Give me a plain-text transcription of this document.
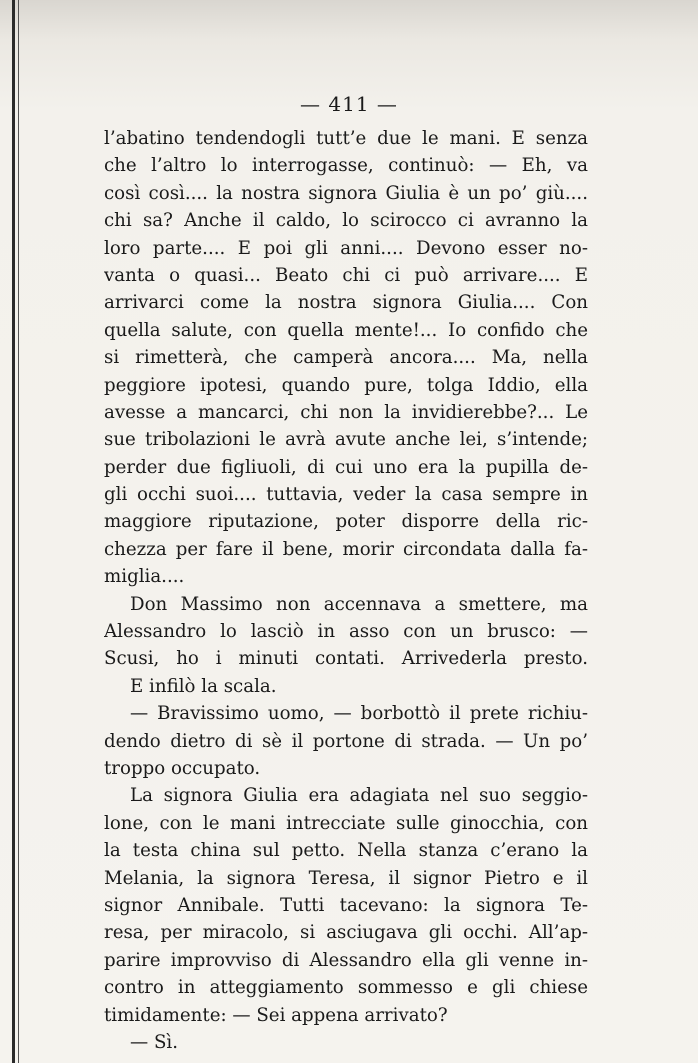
— 411 —
l’abatino tendendogli tutt’e due le mani. E senza
che l’altro lo interrogasse, continuò: — Eh, va
così così.... la nostra signora Giulia è un po’ giù....
chi sa? Anche il caldo, lo scirocco ci avranno la
loro parte.... E poi gli anni.... Devono esser no-
vanta o quasi... Beato chi ci può arrivare.... E
arrivarci come la nostra signora Giulia.... Con
quella salute, con quella mente!... Io confido che
si rimetterà, che camperà ancora.... Ma, nella
peggiore ipotesi, quando pure, tolga Iddio, ella
avesse a mancarci, chi non la invidierebbe?... Le
sue tribolazioni le avrà avute anche lei, s’intende;
perder due figliuoli, di cui uno era la pupilla de-
gli occhi suoi.... tuttavia, veder la casa sempre in
maggiore riputazione, poter disporre della ric-
chezza per fare il bene, morir circondata dalla fa-
miglia....
Don Massimo non accennava a smettere, ma
Alessandro lo lasciò in asso con un brusco: —
Scusi, ho i minuti contati. Arrivederla presto.
E infilò la scala.
— Bravissimo uomo, — borbottò il prete richiu-
dendo dietro di sè il portone di strada. — Un po’
troppo occupato.
La signora Giulia era adagiata nel suo seggio-
lone, con le mani intrecciate sulle ginocchia, con
la testa china sul petto. Nella stanza c’erano la
Melania, la signora Teresa, il signor Pietro e il
signor Annibale. Tutti tacevano: la signora Te-
resa, per miracolo, si asciugava gli occhi. All’ap-
parire improvviso di Alessandro ella gli venne in-
contro in atteggiamento sommesso e gli chiese
timidamente: — Sei appena arrivato?
— Sì.
